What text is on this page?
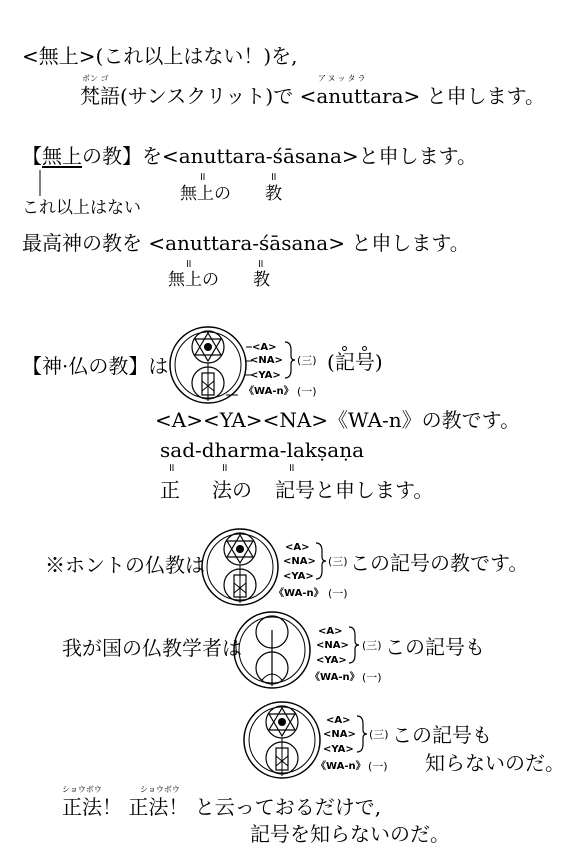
<無上>(これ以上はない！)を,
ボン ゴ
梵語(サンスクリット)で <anuttara> と申します。
アヌッタラ
【無上の教】を<anuttara-śāsana>と申します。
॥	॥
無上の 教
これ以上はない
最高神の教を <anuttara-śāsana> と申します。
॥	॥
無上の 教
【神·仏の教】は
<A>
<NA>
<YA>
《WA-n》 (一)
(三) (記号)
<A><YA><NA>《WA-n》の教です。
sad-dharma-lakṣaṇa
॥	॥	॥
正 法の 記号と申します。
※ホントの仏教は
<A>
<NA>
<YA>
《WA-n》 (一)
(三) この記号の教です。
我が国の仏教学者は
<A>
<NA>
<YA>
《WA-n》 (一)
(三) この記号も
<A>
<NA>
<YA>
《WA-n》 (一)
(三) この記号も
知らないのだ。
ショウボウ	ショウボウ
正法！ 正法！ と云っておるだけで,
記号を知らないのだ。
